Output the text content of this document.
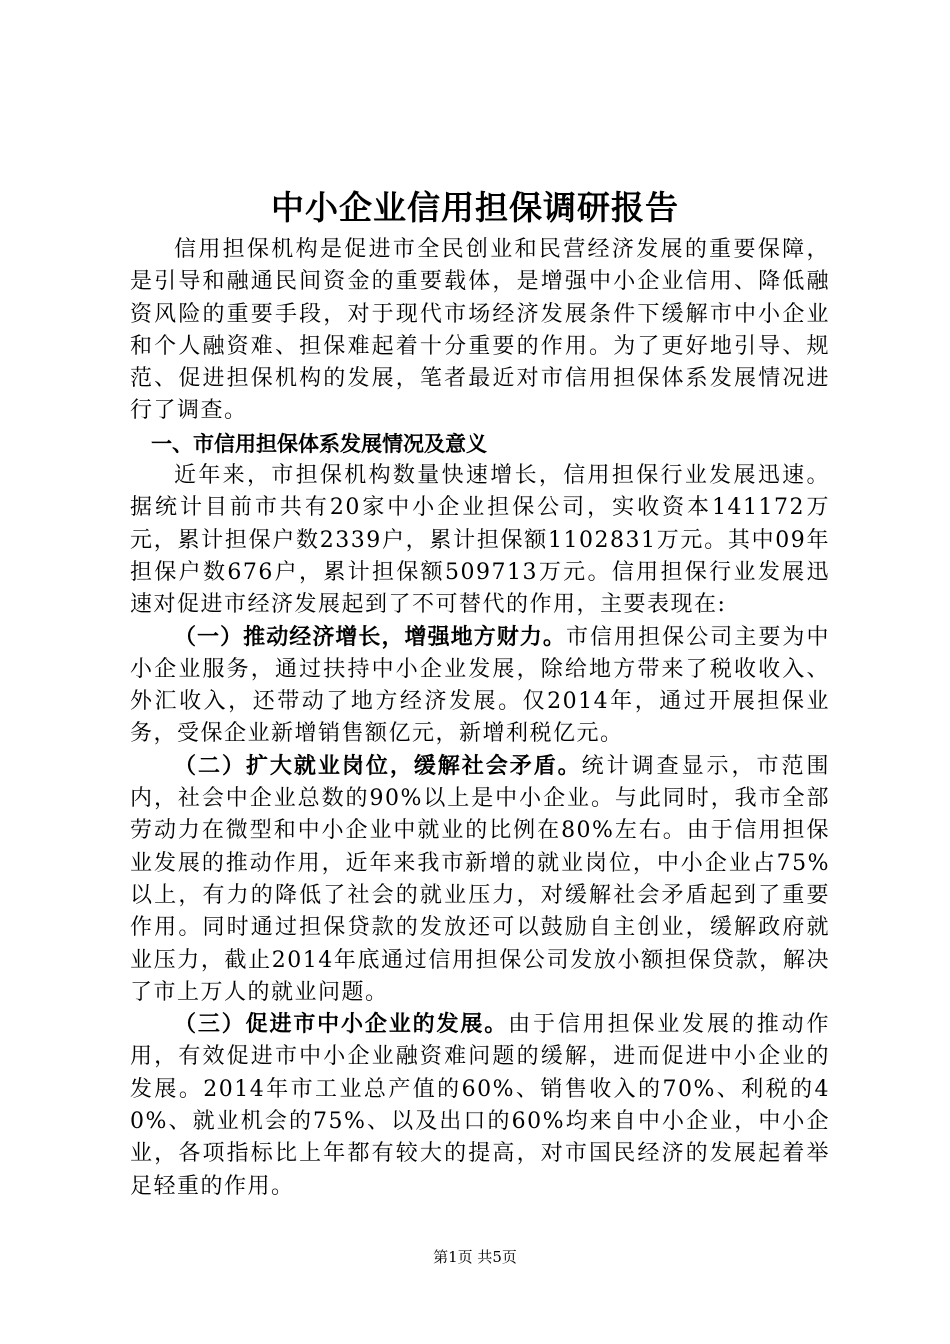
中小企业信用担保调研报告

信用担保机构是促进市全民创业和民营经济发展的重要保障，是引导和融通民间资金的重要载体，是增强中小企业信用、降低融资风险的重要手段，对于现代市场经济发展条件下缓解市中小企业和个人融资难、担保难起着十分重要的作用。为了更好地引导、规范、促进担保机构的发展，笔者最近对市信用担保体系发展情况进行了调查。

一、市信用担保体系发展情况及意义

近年来，市担保机构数量快速增长，信用担保行业发展迅速。据统计目前市共有20家中小企业担保公司，实收资本141172万元，累计担保户数2339户，累计担保额1102831万元。其中09年担保户数676户，累计担保额509713万元。信用担保行业发展迅速对促进市经济发展起到了不可替代的作用，主要表现在:

（一）推动经济增长，增强地方财力。市信用担保公司主要为中小企业服务，通过扶持中小企业发展，除给地方带来了税收收入、外汇收入，还带动了地方经济发展。仅2014年，通过开展担保业务，受保企业新增销售额亿元，新增利税亿元。

（二）扩大就业岗位，缓解社会矛盾。统计调查显示，市范围内，社会中企业总数的90%以上是中小企业。与此同时，我市全部劳动力在微型和中小企业中就业的比例在80%左右。由于信用担保业发展的推动作用，近年来我市新增的就业岗位，中小企业占75%以上，有力的降低了社会的就业压力，对缓解社会矛盾起到了重要作用。同时通过担保贷款的发放还可以鼓励自主创业，缓解政府就业压力，截止2014年底通过信用担保公司发放小额担保贷款，解决了市上万人的就业问题。

（三）促进市中小企业的发展。由于信用担保业发展的推动作用，有效促进市中小企业融资难问题的缓解，进而促进中小企业的发展。2014年市工业总产值的60%、销售收入的70%、利税的40%、就业机会的75%、以及出口的60%均来自中小企业，中小企业，各项指标比上年都有较大的提高，对市国民经济的发展起着举足轻重的作用。

第1页 共5页
